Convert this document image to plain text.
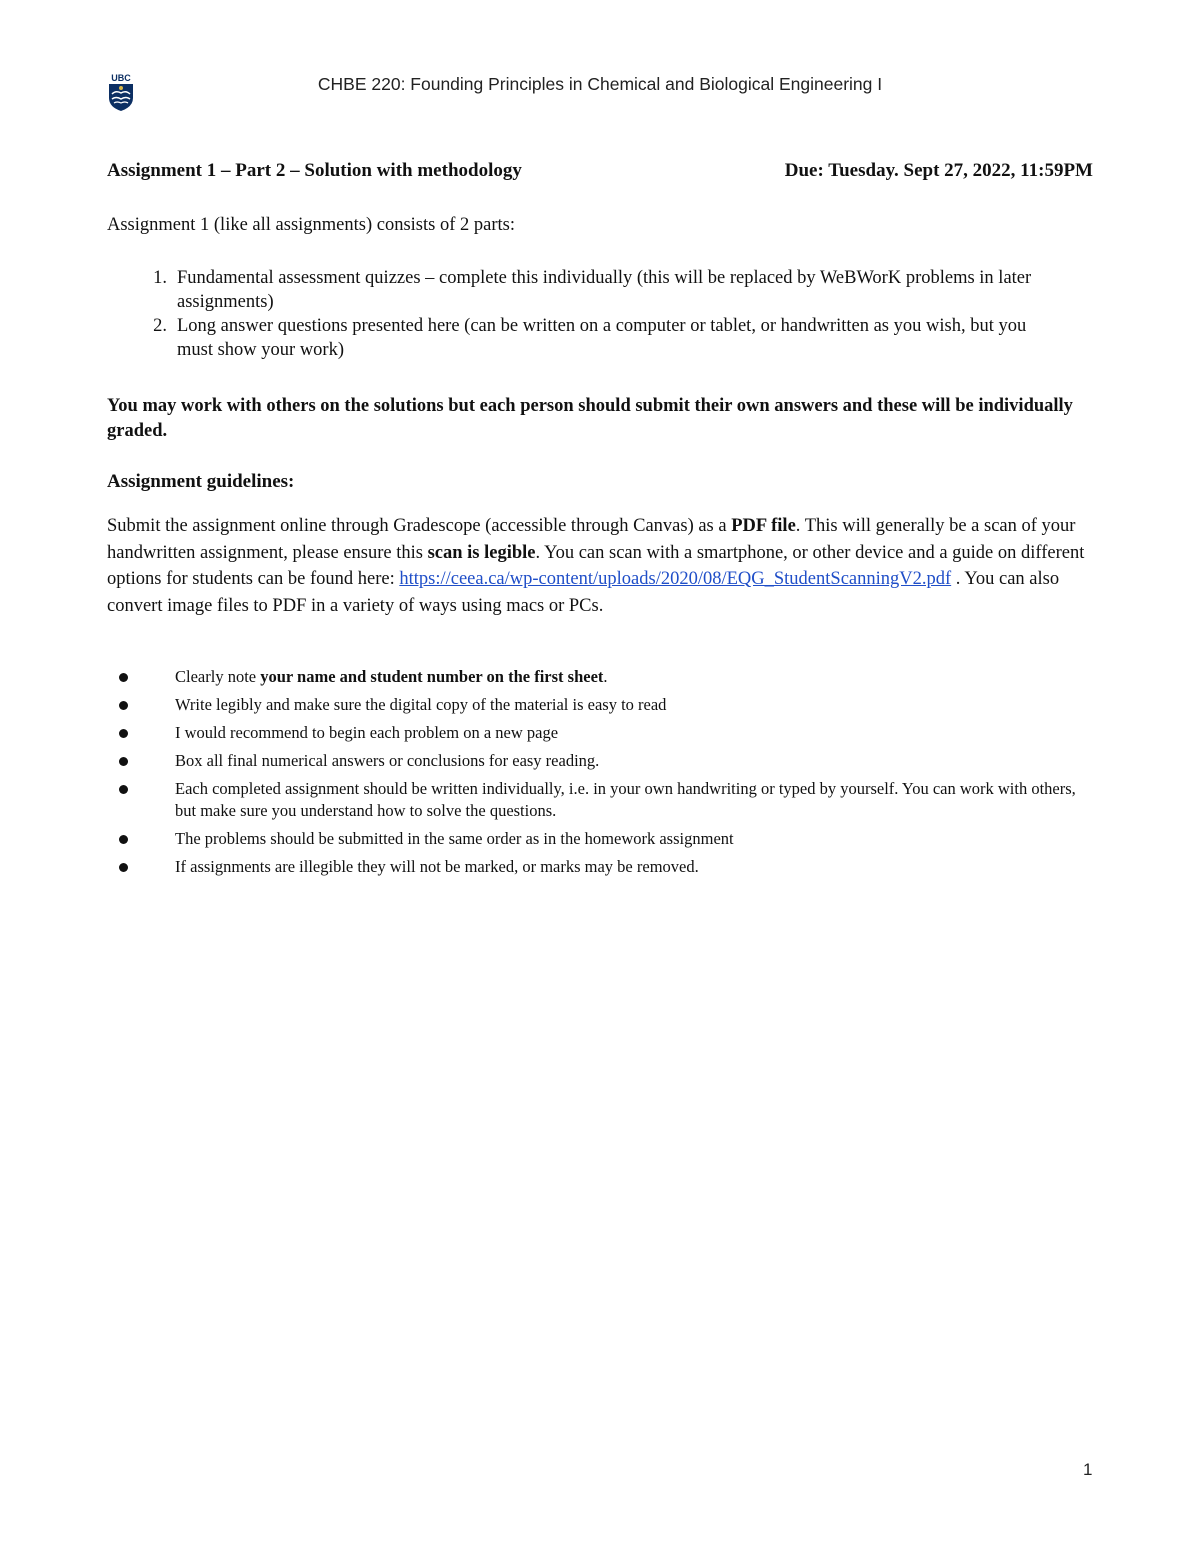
UBC	CHBE 220: Founding Principles in Chemical and Biological Engineering I
Assignment 1 – Part 2 – Solution with methodology	Due: Tuesday. Sept 27, 2022, 11:59PM

Assignment 1 (like all assignments) consists of 2 parts:

1. Fundamental assessment quizzes – complete this individually (this will be replaced by WeBWorK problems in later assignments)
2. Long answer questions presented here (can be written on a computer or tablet, or handwritten as you wish, but you must show your work)

You may work with others on the solutions but each person should submit their own answers and these will be individually graded.

Assignment guidelines:

Submit the assignment online through Gradescope (accessible through Canvas) as a PDF file. This will generally be a scan of your handwritten assignment, please ensure this scan is legible. You can scan with a smartphone, or other device and a guide on different options for students can be found here: https://ceea.ca/wp-content/uploads/2020/08/EQG_StudentScanningV2.pdf . You can also convert image files to PDF in a variety of ways using macs or PCs.

Clearly note your name and student number on the first sheet.
Write legibly and make sure the digital copy of the material is easy to read
I would recommend to begin each problem on a new page
Box all final numerical answers or conclusions for easy reading.
Each completed assignment should be written individually, i.e. in your own handwriting or typed by yourself. You can work with others, but make sure you understand how to solve the questions.
The problems should be submitted in the same order as in the homework assignment
If assignments are illegible they will not be marked, or marks may be removed.
1
